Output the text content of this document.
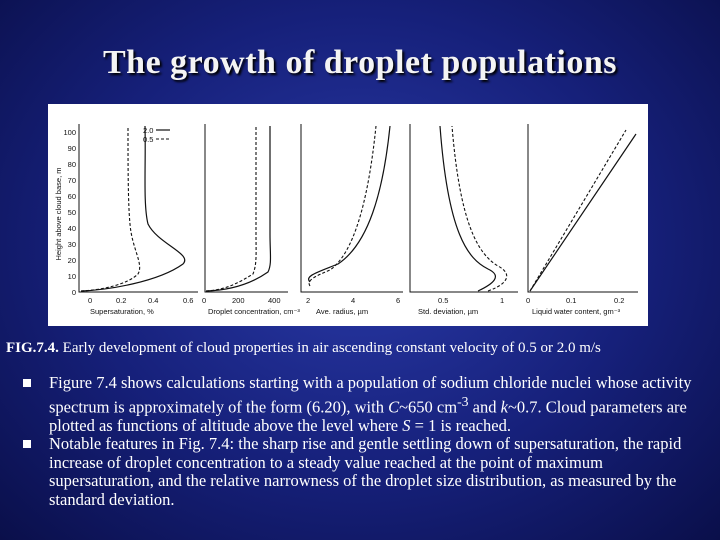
The growth of droplet populations
Height above cloud base, m
0
10
20
30
40
50
60
70
80
90
100	2.0
0.5
0	0.2	0.4	0.6
Supersaturation, %
0	200	400
Droplet concentration, cm⁻³
2	4	6
Ave. radius, µm
0.5	1
Std. deviation, µm
0	0.1	0.2
Liquid water content, gm⁻³
FIG.7.4. Early development of cloud properties in air ascending constant velocity of 0.5 or 2.0 m/s
Figure 7.4 shows calculations starting with a population of sodium chloride nuclei whose activity spectrum is approximately of the form (6.20), with C~650 $cm^{-3}$ and k~0.7. Cloud parameters are plotted as functions of altitude above the level where S = 1 is reached.
Notable features in Fig. 7.4: the sharp rise and gentle settling down of supersaturation, the rapid increase of droplet concentration to a steady value reached at the point of maximum supersaturation, and the relative narrowness of the droplet size distribution, as measured by the standard deviation.
